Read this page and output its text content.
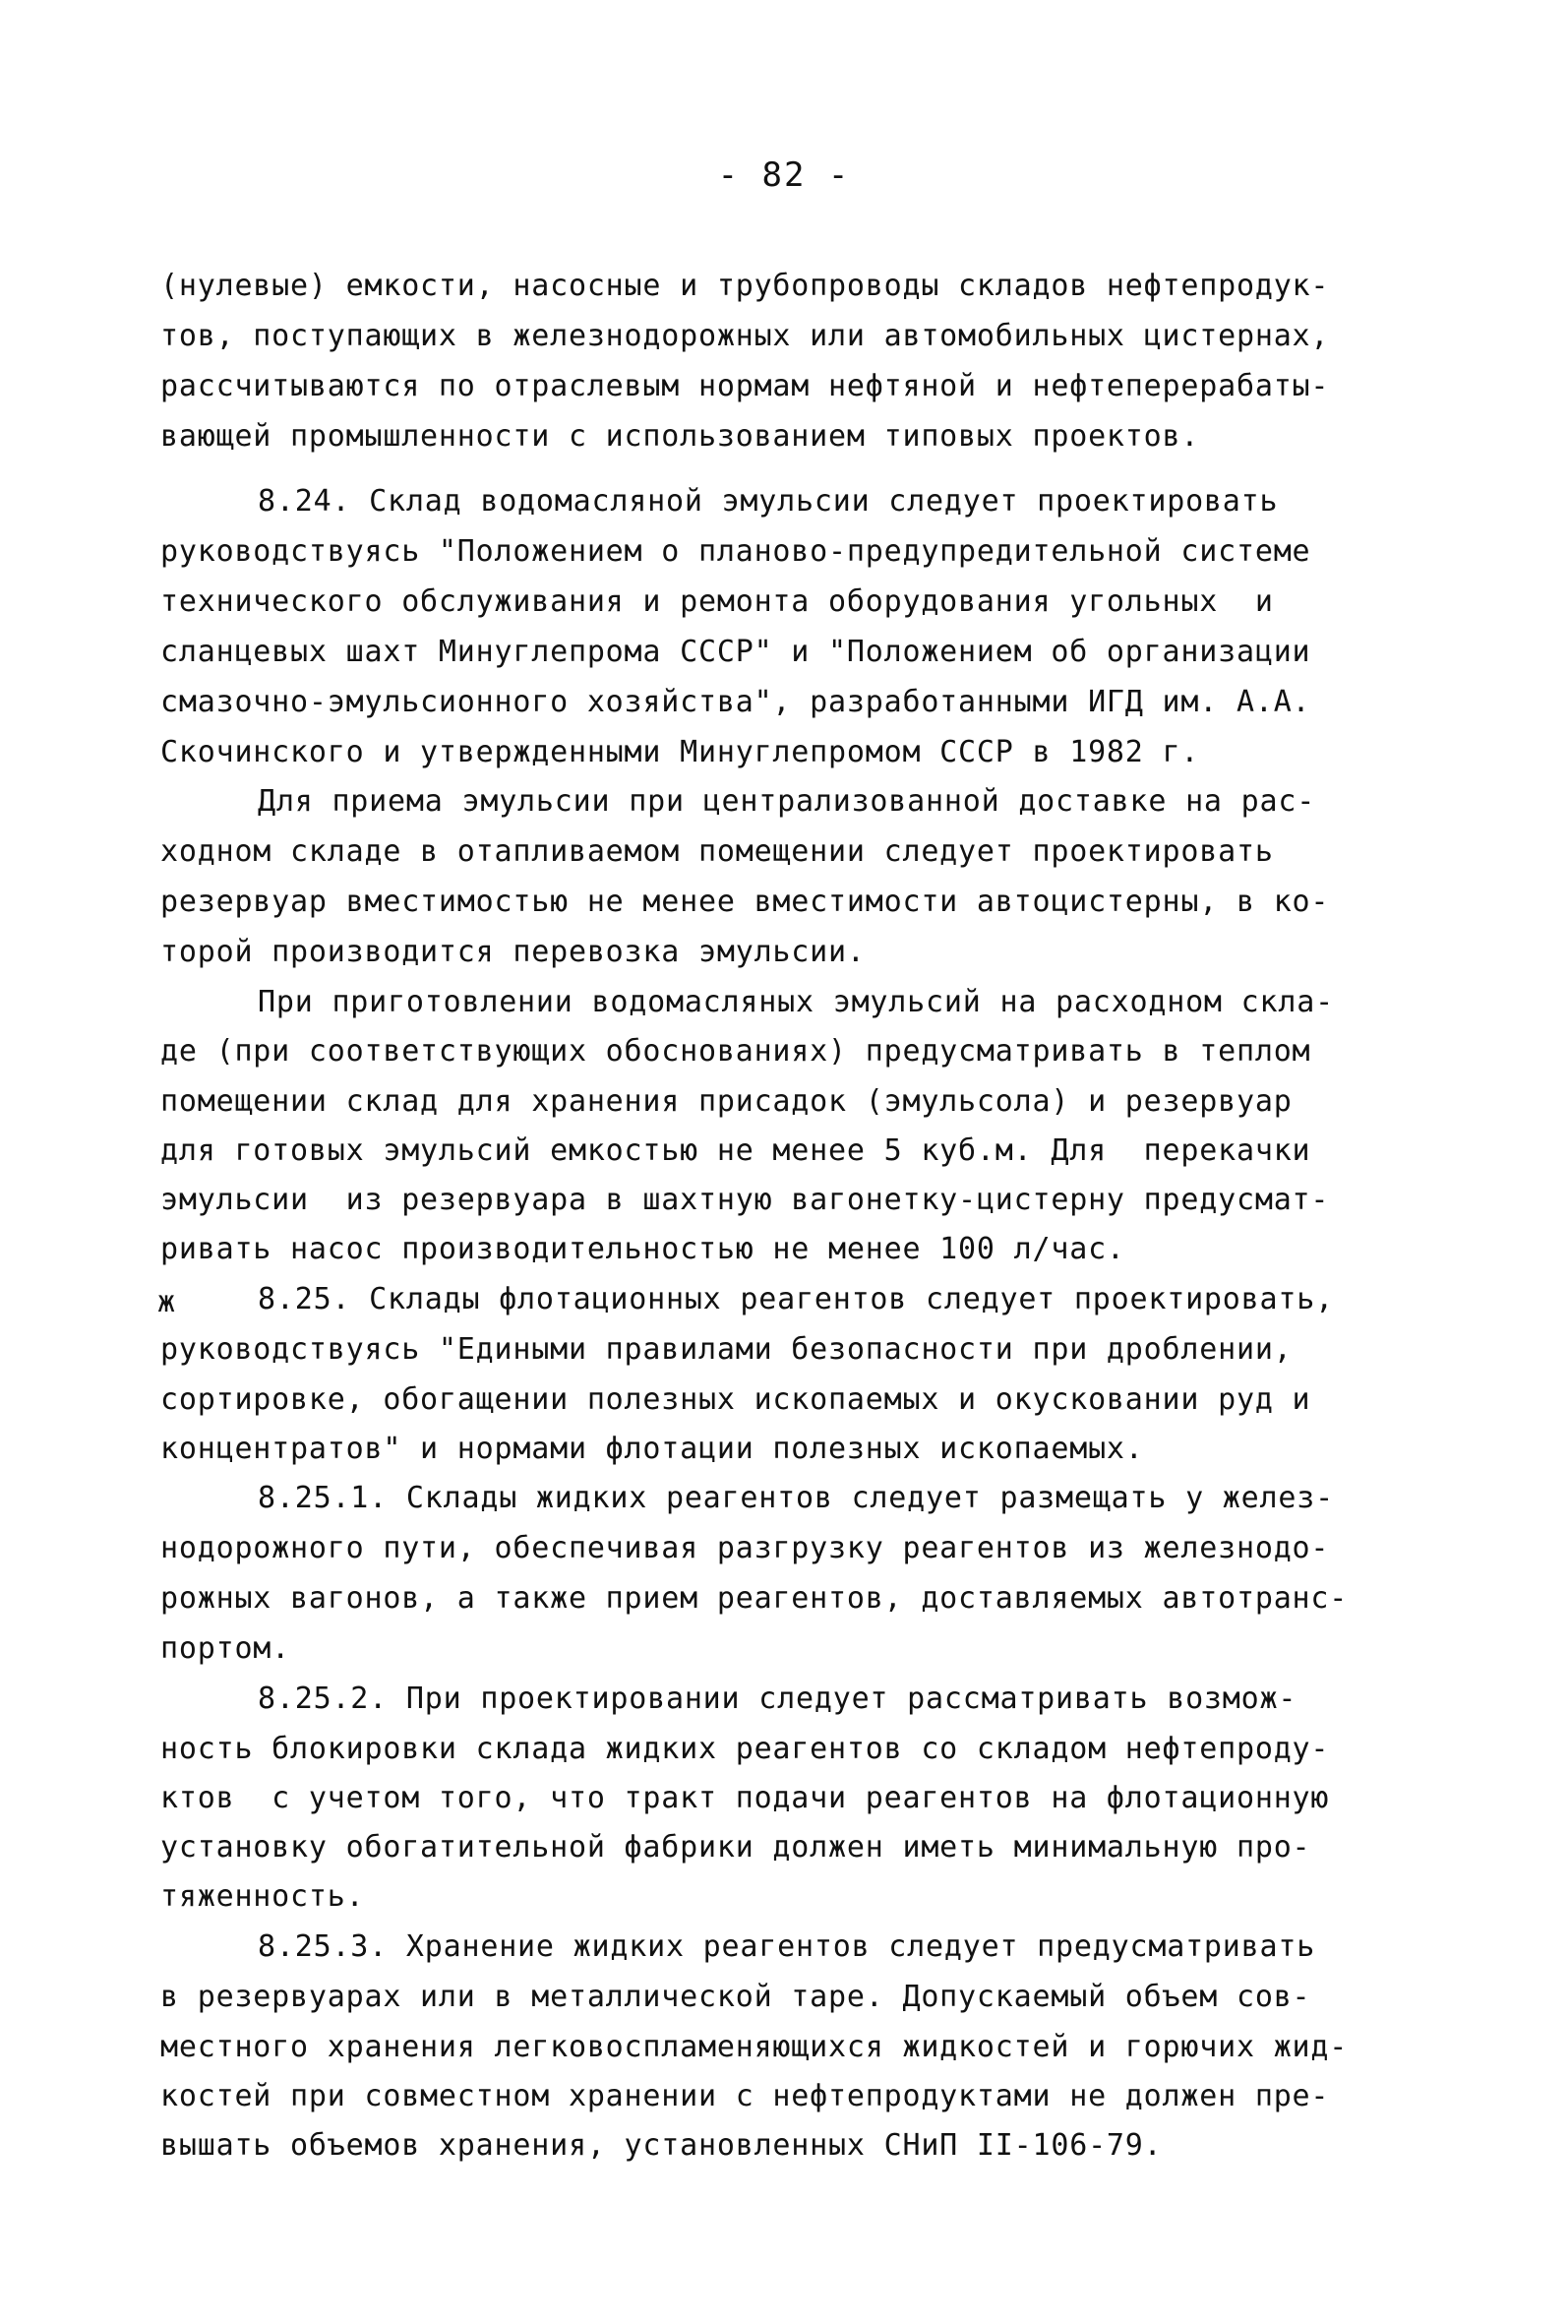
- 82 -
ж
(нулевые) емкости, насосные и трубопроводы складов нефтепродук-
тов, поступающих в железнодорожных или автомобильных цистернах,
рассчитываются по отраслевым нормам нефтяной и нефтеперерабаты-
вающей промышленности с использованием типовых проектов.
8.24. Склад водомасляной эмульсии следует проектировать
руководствуясь "Положением о планово-предупредительной системе
технического обслуживания и ремонта оборудования угольных  и
сланцевых шахт Минуглепрома СССР" и "Положением об организации
смазочно-эмульсионного хозяйства", разработанными ИГД им. А.А.
Скочинского и утвержденными Минуглепромом СССР в 1982 г.
Для приема эмульсии при централизованной доставке на рас-
ходном складе в отапливаемом помещении следует проектировать
резервуар вместимостью не менее вместимости автоцистерны, в ко-
торой производится перевозка эмульсии.
При приготовлении водомасляных эмульсий на расходном скла-
де (при соответствующих обоснованиях) предусматривать в теплом
помещении склад для хранения присадок (эмульсола) и резервуар
для готовых эмульсий емкостью не менее 5 куб.м. Для  перекачки
эмульсии  из резервуара в шахтную вагонетку-цистерну предусмат-
ривать насос производительностью не менее 100 л/час.
8.25. Склады флотационных реагентов следует проектировать,
руководствуясь "Едиными правилами безопасности при дроблении,
сортировке, обогащении полезных ископаемых и окусковании руд и
концентратов" и нормами флотации полезных ископаемых.
8.25.1. Склады жидких реагентов следует размещать у желез-
нодорожного пути, обеспечивая разгрузку реагентов из железнодо-
рожных вагонов, а также прием реагентов, доставляемых автотранс-
портом.
8.25.2. При проектировании следует рассматривать возмож-
ность блокировки склада жидких реагентов со складом нефтепроду-
ктов  с учетом того, что тракт подачи реагентов на флотационную
установку обогатительной фабрики должен иметь минимальную про-
тяженность.
8.25.3. Хранение жидких реагентов следует предусматривать
в резервуарах или в металлической таре. Допускаемый объем сов-
местного хранения легковоспламеняющихся жидкостей и горючих жид-
костей при совместном хранении с нефтепродуктами не должен пре-
вышать объемов хранения, установленных СНиП II-106-79.
